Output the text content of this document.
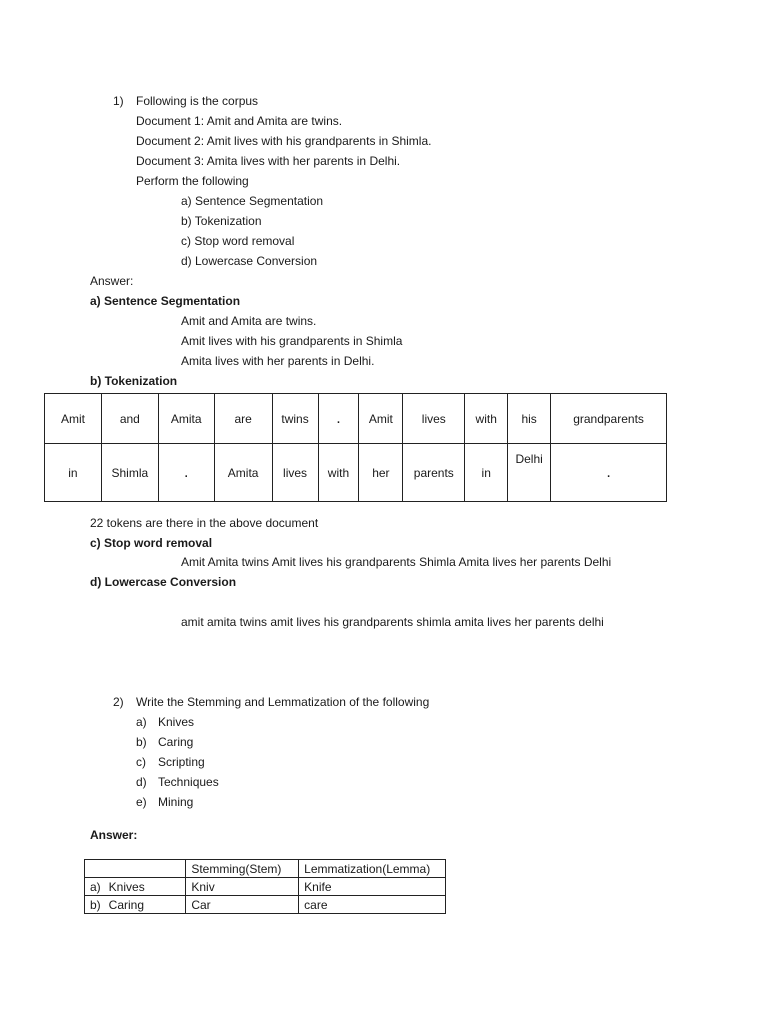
1) Following is the corpus
Document 1: Amit and Amita are twins.
Document 2: Amit lives with his grandparents in Shimla.
Document 3: Amita lives with her parents in Delhi.
Perform the following
a) Sentence Segmentation
b) Tokenization
c) Stop word removal
d) Lowercase Conversion
Answer:
a) Sentence Segmentation
Amit and Amita are twins.
Amit lives with his grandparents in Shimla
Amita lives with her parents in Delhi.
b) Tokenization
Amit	and	Amita	are	twins	.	Amit	lives	with	his	grandparents
in	Shimla	.	Amita	lives	with	her	parents	in	Delhi	.
22 tokens are there in the above document
c) Stop word removal
Amit Amita twins Amit lives his grandparents Shimla Amita lives her parents Delhi
d) Lowercase Conversion
amit amita twins amit lives his grandparents shimla amita lives her parents delhi
2) Write the Stemming and Lemmatization of the following
a) Knives
b) Caring
c) Scripting
d) Techniques
e) Mining
Answer:
	Stemming(Stem)	Lemmatization(Lemma)
a) Knives	Kniv	Knife
b) Caring	Car	care
